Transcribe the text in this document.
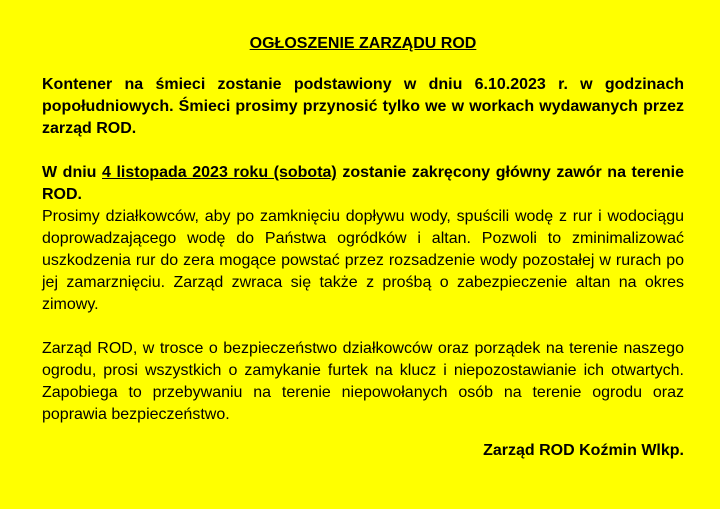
OGŁOSZENIE ZARZĄDU ROD

Kontener na śmieci zostanie podstawiony w dniu 6.10.2023 r. w godzinach popołudniowych. Śmieci prosimy przynosić tylko we w workach wydawanych przez zarząd ROD.

W dniu 4 listopada 2023 roku (sobota) zostanie zakręcony główny zawór na terenie ROD.

Prosimy działkowców, aby po zamknięciu dopływu wody, spuścili wodę z rur i wodociągu doprowadzającego wodę do Państwa ogródków i altan. Pozwoli to zminimalizować uszkodzenia rur do zera mogące powstać przez rozsadzenie wody pozostałej w rurach po jej zamarznięciu. Zarząd zwraca się także z prośbą o zabezpieczenie altan na okres zimowy.

Zarząd ROD, w trosce o bezpieczeństwo działkowców oraz porządek na terenie naszego ogrodu, prosi wszystkich o zamykanie furtek na klucz i niepozostawianie ich otwartych. Zapobiega to przebywaniu na terenie niepowołanych osób na terenie ogrodu oraz poprawia bezpieczeństwo.

Zarząd ROD Koźmin Wlkp.
